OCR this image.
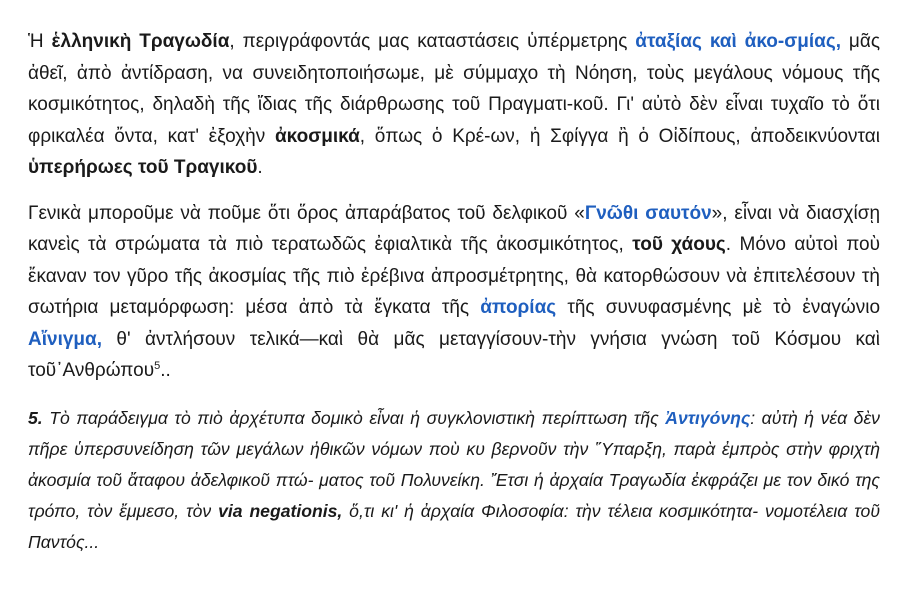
Ἡ ἑλληνικὴ Τραγωδία, περιγράφοντάς μας καταστάσεις ὑπέρμετρης ἀταξίας καὶ ἀκο-σμίας, μᾶς ἀθεῖ, ἀπὸ ἀντίδραση, να συνειδητοποιήσωμε, μὲ σύμμαχο τὴ Νόηση, τοὺς μεγάλους νόμους τῆς κοσμικότητος, δηλαδὴ τῆς ἴδιας τῆς διάρθρωσης τοῦ Πραγματι-κοῦ. Γι' αὐτὸ δὲν εἶναι τυχαῖο τὸ ὅτι φρικαλέα ὄντα, κατ' ἐξοχὴν ἀκοσμικά, ὅπως ὁ Κρέ-ων, ἡ Σφίγγα ἢ ὁ Οἰδίπους, ἀποδεικνύονται ὑπερήρωες τοῦ Τραγικοῦ.

Γενικὰ μποροῦμε νὰ ποῦμε ὅτι ὅρος ἀπαράβατος τοῦ δελφικοῦ «Γνῶθι σαυτόν», εἶναι νὰ διασχίσῃ κανεὶς τὰ στρώματα τὰ πιὸ τερατωδῶς ἐφιαλτικὰ τῆς ἀκοσμικότητος, τοῦ χάους. Μόνο αὐτοὶ ποὺ ἔκαναν τον γῦρο τῆς ἀκοσμίας τῆς πιὸ ἐρέβινα ἀπροσμέτρητης, θὰ κατορθώσουν νὰ ἐπιτελέσουν τὴ σωτήρια μεταμόρφωση: μέσα ἀπὸ τὰ ἔγκατα τῆς ἀπορίας τῆς συνυφασμένης μὲ τὸ ἐναγώνιο Αἴνιγμα, θ' ἀντλήσουν τελικά—καὶ θὰ μᾶς μεταγγίσουν-τὴν γνήσια γνώση τοῦ Κόσμου καὶ τοῦ᾿Ανθρώπου$^5$..

5. Τὸ παράδειγμα τὸ πιὸ ἀρχέτυπα δομικὸ εἶναι ἡ συγκλονιστικὴ περίπτωση τῆς Ἀντιγόνης: αὐτὴ ἡ νέα δὲν πῆρε ὑπερσυνείδηση τῶν μεγάλων ἠθικῶν νόμων ποὺ κυ βερνοῦν τὴν Ὕπαρξη, παρὰ ἐμπρὸς στὴν φριχτὴ ἀκοσμία τοῦ ἄταφου ἀδελφικοῦ πτώ- ματος τοῦ Πολυνείκη. Ἔτσι ἡ ἀρχαία Τραγωδία ἐκφράζει με τον δικό της τρόπο, τὸν ἔμμεσο, τὸν via negationis, ὅ,τι κι' ἡ ἀρχαία Φιλοσοφία: τὴν τέλεια κοσμικότητα- νομοτέλεια τοῦ Παντός...
